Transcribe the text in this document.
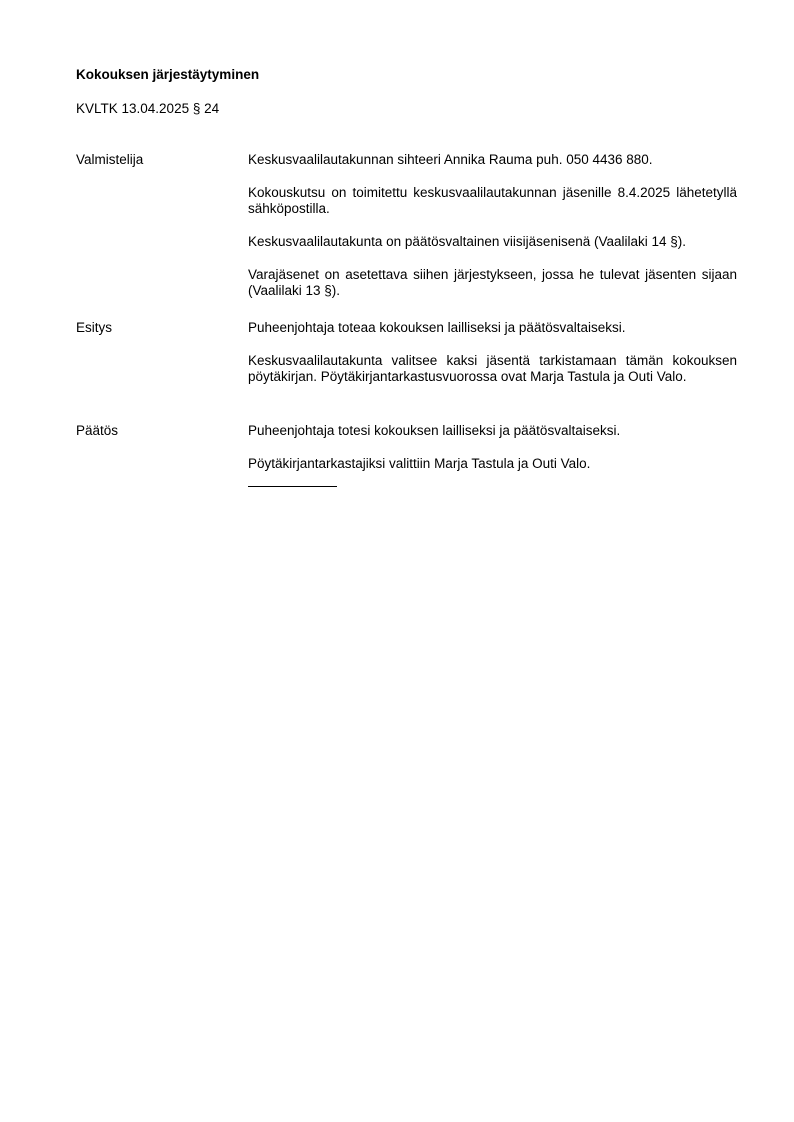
Kokouksen järjestäytyminen
KVLTK 13.04.2025 § 24
Valmistelija	Keskusvaalilautakunnan sihteeri Annika Rauma puh. 050 4436 880.

Kokouskutsu on toimitettu keskusvaalilautakunnan jäsenille 8.4.2025 lähetetyllä sähköpostilla.

Keskusvaalilautakunta on päätösvaltainen viisijäsenisenä (Vaalilaki 14 §).

Varajäsenet on asetettava siihen järjestykseen, jossa he tulevat jäsenten sijaan (Vaalilaki 13 §).

Esitys	Puheenjohtaja toteaa kokouksen lailliseksi ja päätösvaltaiseksi.

Keskusvaalilautakunta valitsee kaksi jäsentä tarkistamaan tämän kokouksen pöytäkirjan. Pöytäkirjantarkastusvuorossa ovat Marja Tastula ja Outi Valo.

Päätös	Puheenjohtaja totesi kokouksen lailliseksi ja päätösvaltaiseksi.

Pöytäkirjantarkastajiksi valittiin Marja Tastula ja Outi Valo.
